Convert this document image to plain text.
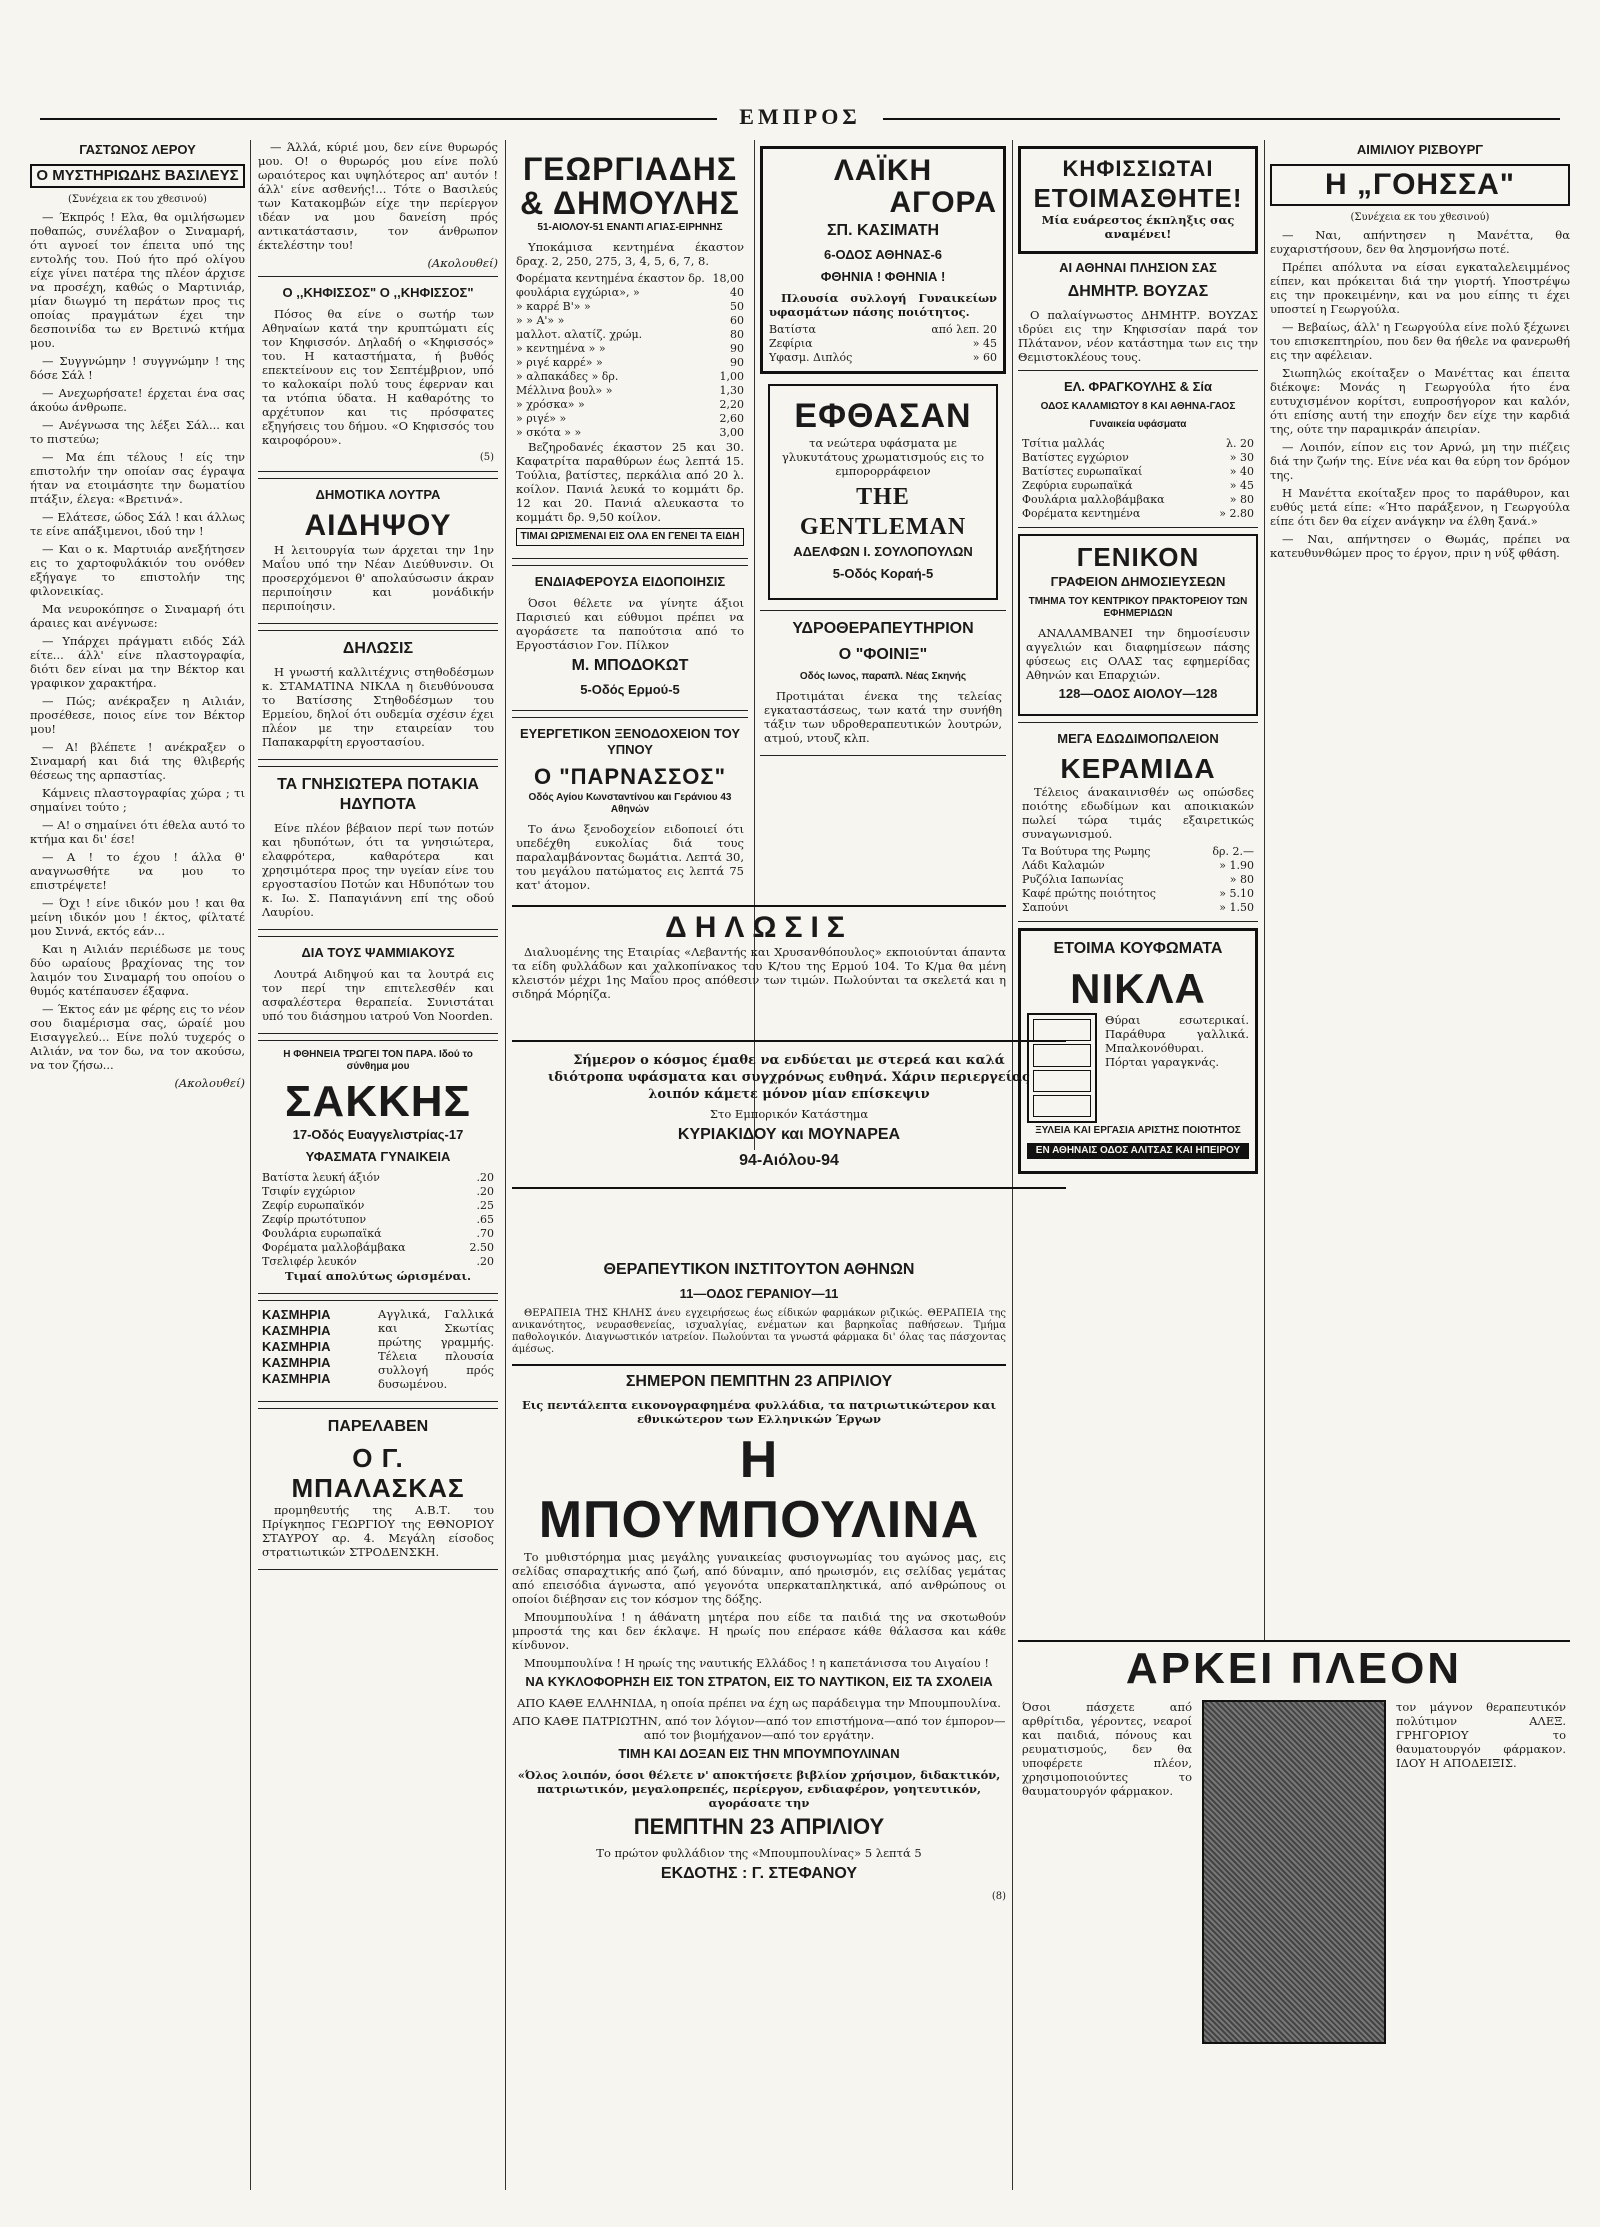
ΕΜΠΡΟΣ
ΓΑΣΤΩΝΟΣ ΛΕΡΟΥ
Ο ΜΥΣΤΗΡΙΩΔΗΣ ΒΑΣΙΛΕΥΣ

(Συνέχεια εκ του χθεσινού)

— Έκπρός ! Ελα, θα ομιλήσωμεν ποθαπώς, συνέλαβον ο Σιναμαρή, ότι αγνοεί τον έπειτα υπό της εντολής του. Πού ήτο πρό ολίγου είχε γίνει πατέρα της πλέον άρχισε να προσέχη, καθώς ο Μαρτινιάρ, μίαν διωγμό τη περάτων προς τις οποίας πραγμάτων έχει την δεσποινίδα τω εν Βρετινώ κτήμα μου.

— Συγγνώμην ! συγγνώμην ! της δόσε Σάλ !

— Ανεχωρήσατε! έρχεται ένα σας άκούω άνθρωπε.

— Ανέγνωσα της λέξει Σάλ... και το πιστεύω;

— Μα έπι τέλους ! είς την επιστολήν την οποίαν σας έγραψα ήταν να ετοιμάσητε την δωματίου πτάξιν, έλεγα: «Βρετινά».

— Ελάτεσε, ώδος Σάλ ! και άλλως τε είνε απάξιμενοι, ιδού την !

— Και ο κ. Μαρτυιάρ ανεξήτησεν εις το χαρτοφυλάκιόν του ονόθεν εξήγαγε το επιστολήν της φιλονεικίας.

Μα νευροκόπησε ο Σιναμαρή ότι άραιες και ανέγνωσε:

— Υπάρχει πράγματι ειδός Σάλ είτε... άλλ' είνε πλαστογραφία, διότι δεν είναι μα την Βέκτορ και γραφικον χαρακτήρα.

— Πώς; ανέκραξεν η Αιλιάν, προσέθεσε, ποιος είνε τον Βέκτορ μου!

— Α! βλέπετε ! ανέκραξεν ο Σιναμαρή και διά της θλιβερής θέσεως της αρπαστίας.

Κάμνεις πλαστογραφίας χώρα ; τι σημαίνει τούτο ;

— Α! ο σημαίνει ότι έθελα αυτό το κτήμα και δι' έσε!

— Α ! το έχου ! άλλα θ' αναγνωσθήτε να μου το επιστρέψετε!

— Όχι ! είνε ιδικόν μου ! και θα μείνη ιδικόν μου ! έκτος, φίλτατέ μου Σιννά, εκτός εάν...

Και η Αιλιάν περιέδωσε με τους δύο ωραίους βραχίονας της τον λαιμόν του Σιναμαρή του οποίου ο θυμός κατέπαυσεν έξαφνα.

— Έκτος εάν με φέρης εις το νέον σου διαμέρισμα σας, ώραίέ μου Εισαγγελεύ... Είνε πολύ τυχερός ο Αιλιάν, να τον δω, να τον ακούσω, να τον ζήσω...

(Ακολουθεί)

— Άλλά, κύριέ μου, δεν είνε θυρωρός μου. Ο! ο θυρωρός μου είνε πολύ ωραιότερος και υψηλότερος απ' αυτόν ! άλλ' είνε ασθενής!... Τότε ο Βασιλεύς των Κατακομβών είχε την περίεργον ιδέαν να μου δανείση πρός αντικατάστασιν, τον άνθρωπον έκτελέστην του!

(Ακολουθεί)

Ο ,,ΚΗΦΙΣΣΟΣ" Ο ,,ΚΗΦΙΣΣΟΣ"

Πόσος θα είνε ο σωτήρ των Αθηναίων κατά την κρυπτώματι είς τον Κηφισσόν. Δηλαδή ο «Κηφισσός» του. Η καταστήματα, ή βυθός επεκτείνουν εις τον Σεπτέμβριον, υπό το καλοκαίρι πολύ τους έφερναν και τα ντόπια ύδατα. Η καθαρότης το αρχέτυπον και τις πρόσφατες εξηγήσεις του δήμου. «Ο Κηφισσός του καιροφόρου».

(5)
ΔΗΜΟΤΙΚΑ ΛΟΥΤΡΑ
ΑΙΔΗΨΟΥ

Η λειτουργία των άρχεται την 1ην Μαΐου υπό την Νέαν Διεύθυνσιν. Οι προσερχόμενοι θ' απολαύσωσιν άκραν περιποίησιν και μονάδικήν περιποίησιν.

ΔΗΛΩΣΙΣ

Η γνωστή καλλιτέχνις στηθοδέσμων κ. ΣΤΑΜΑΤΙΝΑ ΝΙΚΛΑ η διευθύνουσα το Βατίσσης Στηθοδέσμων του Ερμείου, δηλοί ότι ουδεμία σχέσιν έχει πλέον με την εταιρείαν του Παπακαρφίτη εργοστασίου.

ΤΑ ΓΝΗΣΙΩΤΕΡΑ ΠΟΤΑΚΙΑ ΗΔΥΠΟΤΑ

Είνε πλέον βέβαιον περί των ποτών και ηδυπότων, ότι τα γνησιώτερα, ελαφρότερα, καθαρότερα και χρησιμότερα προς την υγείαν είνε του εργοστασίου Ποτών και Ηδυπότων του κ. Ιω. Σ. Παπαγιάννη επί της οδού Λαυρίου.

ΔΙΑ ΤΟΥΣ ΨΑΜΜΙΑΚΟΥΣ

Λουτρά Αιδηψού και τα λουτρά εις τον περί την επιτελεσθέν και ασφαλέστερα θεραπεία. Συνιστάται υπό του διάσημου ιατρού Von Noorden.

Η ΦΘΗΝΕΙΑ ΤΡΩΓΕΙ ΤΟΝ ΠΑΡΑ. Ιδού το σύνθημα μου
ΣΑΚΚΗΣ
17-Οδός Ευαγγελιστρίας-17
ΥΦΑΣΜΑΤΑ ΓΥΝΑΙΚΕΙΑ
Βατίστα λευκή άξιόν	.20
Τσιφίν εγχώριον	.20
Ζεφίρ ευρωπαϊκόν	.25
Ζεφίρ πρωτότυπον	.65
Φουλάρια ευρωπαϊκά	.70
Φορέματα μαλλοβάμβακα	2.50
Τσελιφέρ λευκόν	.20

Τιμαί απολύτως ώρισμέναι.

ΚΑΣΜΗΡΙΑ
ΚΑΣΜΗΡΙΑ
ΚΑΣΜΗΡΙΑ
ΚΑΣΜΗΡΙΑ
ΚΑΣΜΗΡΙΑ

Αγγλικά, Γαλλικά και Σκωτίας πρώτης γραμμής. Τέλεια πλουσία συλλογή πρός δυσωμένου.

ΠΑΡΕΛΑΒΕΝ
Ο Γ. ΜΠΑΛΑΣΚΑΣ

προμηθευτής της Α.Β.Τ. του Πρίγκηπος ΓΕΩΡΓΙΟΥ της ΕΘΝΟΡΙΟΥ ΣΤΑΥΡΟΥ αρ. 4. Μεγάλη είσοδος στρατιωτικών ΣΤΡΟΔΕΝΣΚΗ.

ΓΕΩΡΓΙΑΔΗΣ
& ΔΗΜΟΥΛΗΣ
51-ΑΙΟΛΟΥ-51 ΕΝΑΝΤΙ ΑΓΙΑΣ-ΕΙΡΗΝΗΣ

Υποκάμισα κεντημένα έκαστον δραχ. 2, 250, 275, 3, 4, 5, 6, 7, 8.

Φορέματα κεντημένα έκαστον δρ. 18,00
φουλάρια εγχώρια», »	40
» καρρέ Β'» »	50
» » Α'» »	60
μαλλοτ. αλατίζ. χρώμ.	80
» κεντημένα » »	90
» ριγέ καρρέ» »	90
» αλπακάδες » δρ.	1,00
Μέλλινα βουλ» »	1,30
» χρόσκα» »	2,20
» ριγέ» »	2,60
» σκότα » »	3,00

Βεζηροδανές έκαστον 25 και 30. Καφατρίτα παραθύρων έως λεπτά 15. Τούλια, βατίστες, περκάλια από 20 λ. κοίλον. Πανιά λευκά το κομμάτι δρ. 12 και 20. Πανιά αλευκαστα το κομμάτι δρ. 9,50 κοίλον.

ΤΙΜΑΙ ΩΡΙΣΜΕΝΑΙ ΕΙΣ ΟΛΑ ΕΝ ΓΕΝΕΙ ΤΑ ΕΙΔΗ
ΕΝΔΙΑΦΕΡΟΥΣΑ ΕΙΔΟΠΟΙΗΣΙΣ

Όσοι θέλετε να γίνητε άξιοι Παρισιεύ και εύθυμοι πρέπει να αγοράσετε τα παπούτσια από το Εργοστάσιον Γον. Πίλκον

Μ. ΜΠΟΔΟΚΩΤ
5-Οδός Ερμού-5
ΕΥΕΡΓΕΤΙΚΟΝ ΞΕΝΟΔΟΧΕΙΟΝ ΤΟΥ ΥΠΝΟΥ
Ο "ΠΑΡΝΑΣΣΟΣ"
Οδός Αγίου Κωνσταντίνου και Γεράνιου 43 Αθηνών

Το άνω ξενοδοχείον ειδοποιεί ότι υπεδέχθη ευκολίας διά τους παραλαμβάνοντας δωμάτια. Λεπτά 30, του μεγάλου πατώματος εις λεπτά 75 κατ' άτομον.

ΛΑΪΚΗ
ΑΓΟΡΑ
ΣΠ. ΚΑΣΙΜΑΤΗ
6-ΟΔΟΣ ΑΘΗΝΑΣ-6
ΦΘΗΝΙΑ ! ΦΘΗΝΙΑ !

Πλουσία συλλογή Γυναικείων υφασμάτων πάσης ποιότητος.

Βατίστα	από λεπ. 20
Ζεφίρια	» 45
Υφασμ. Διπλός	» 60
ΕΦΘΑΣΑΝ

τα νεώτερα υφάσματα με γλυκυτάτους χρωματισμούς εις το εμπορορράφειον

THE GENTLEMAN
ΑΔΕΛΦΩΝ Ι. ΣΟΥΛΟΠΟΥΛΩΝ
5-Οδός Κοραή-5
ΥΔΡΟΘΕΡΑΠΕΥΤΗΡΙΟΝ
Ο "ΦΟΙΝΙΞ"
Οδός Ιωνος, παραπλ. Νέας Σκηνής

Προτιμάται ένεκα της τελείας εγκαταστάσεως, των κατά την συνήθη τάξιν των υδροθεραπευτικών λουτρών, ατμού, ντουζ κλπ.

ΔΗΛΩΣΙΣ

Διαλυομένης της Εταιρίας «Λεβαντής και Χρυσανθόπουλος» εκποιούνται άπαντα τα είδη φυλλάδων και χαλκοπίνακος του Κ/του της Ερμού 104. Το Κ/μα θα μένη κλειστόν μέχρι 1ης Μαΐου προς απόθεσιν των τιμών. Πωλούνται τα σκελετά και η σιδηρά Μόρηίζα.

Σήμερον ο κόσμος έμαθε να ενδύεται με στερεά και καλά ιδιότροπα υφάσματα και συγχρόνως ευθηνά. Χάριν περιεργείας λοιπόν κάμετε μόνον μίαν επίσκεψιν

Στο Εμπορικόν Κατάστημα

ΚΥΡΙΑΚΙΔΟΥ και ΜΟΥΝΑΡΕΑ
94-Αιόλου-94
ΘΕΡΑΠΕΥΤΙΚΟΝ ΙΝΣΤΙΤΟΥΤΟΝ ΑΘΗΝΩΝ
11—ΟΔΟΣ ΓΕΡΑΝΙΟΥ—11

ΘΕΡΑΠΕΙΑ ΤΗΣ ΚΗΛΗΣ άνευ εγχειρήσεως έως είδικών φαρμάκων ριζικώς. ΘΕΡΑΠΕΙΑ της ανικανότητος, νευρασθενείας, ισχυαλγίας, ενέματων και βαρηκοΐας παθήσεων. Τμήμα παθολογικόν. Διαγνωστικόν ιατρείον. Πωλούνται τα γνωστά φάρμακα δι' όλας τας πάσχοντας άμέσως.

ΣΗΜΕΡΟΝ ΠΕΜΠΤΗΝ 23 ΑΠΡΙΛΙΟΥ

Εις πεντάλεπτα εικονογραφημένα φυλλάδια, τα πατριωτικώτερον και εθνικώτερον των Ελληνικών Έργων

Η ΜΠΟΥΜΠΟΥΛΙΝΑ

Το μυθιστόρημα μιας μεγάλης γυναικείας φυσιογνωμίας του αγώνος μας, εις σελίδας σπαραχτικής από ζωή, από δύναμιν, από ηρωισμόν, εις σελίδας γεμάτας από επεισόδια άγνωστα, από γεγονότα υπερκαταπληκτικά, από ανθρώπους οι οποίοι διέβησαν εις τον κόσμον της δόξης.

Μπουμπουλίνα ! η άθάνατη μητέρα που είδε τα παιδιά της να σκοτωθούν μπροστά της και δεν έκλαψε. Η ηρωίς που επέρασε κάθε θάλασσα και κάθε κίνδυνον.

Μπουμπουλίνα ! Η ηρωίς της ναυτικής Ελλάδος ! η καπετάνισσα του Αιγαίου !

ΝΑ ΚΥΚΛΟΦΟΡΗΣΗ ΕΙΣ ΤΟΝ ΣΤΡΑΤΟΝ, ΕΙΣ ΤΟ ΝΑΥΤΙΚΟΝ, ΕΙΣ ΤΑ ΣΧΟΛΕΙΑ

ΑΠΟ ΚΑΘΕ ΕΛΛΗΝΙΔΑ, η οποία πρέπει να έχη ως παράδειγμα την Μπουμπουλίνα.

ΑΠΟ ΚΑΘΕ ΠΑΤΡΙΩΤΗΝ, από τον λόγιον—από τον επιστήμονα—από τον έμπορον—από τον βιομήχανον—από τον εργάτην.

ΤΙΜΗ ΚΑΙ ΔΟΞΑΝ ΕΙΣ ΤΗΝ ΜΠΟΥΜΠΟΥΛΙΝΑΝ

«Όλος λοιπόν, όσοι θέλετε ν' αποκτήσετε βιβλίον χρήσιμον, διδακτικόν, πατριωτικόν, μεγαλοπρεπές, περίεργον, ενδιαφέρον, γοητευτικόν, αγοράσατε την

ΠΕΜΠΤΗΝ 23 ΑΠΡΙΛΙΟΥ

Το πρώτον φυλλάδιον της «Μπουμπουλίνας» 5 λεπτά 5

ΕΚΔΟΤΗΣ : Γ. ΣΤΕΦΑΝΟΥ
(8)
ΚΗΦΙΣΣΙΩΤΑΙ
ΕΤΟΙΜΑΣΘΗΤΕ!

Μία ευάρεστος έκπληξις σας αναμένει!

ΑΙ ΑΘΗΝΑΙ ΠΛΗΣΙΟΝ ΣΑΣ
ΔΗΜΗΤΡ. ΒΟΥΖΑΣ

Ο παλαίγνωστος ΔΗΜΗΤΡ. ΒΟΥΖΑΣ ιδρύει εις την Κηφισσίαν παρά τον Πλάτανον, νέον κατάστημα των εις την Θεμιστοκλέους τους.

ΕΛ. ΦΡΑΓΚΟΥΛΗΣ & Σία
ΟΔΟΣ ΚΑΛΑΜΙΩΤΟΥ 8 ΚΑΙ ΑΘΗΝΑ-ΓΑΟΣ
Γυναικεία υφάσματα
Τσίτια μαλλάς	λ. 20
Βατίστες εγχώριον	» 30
Βατίστες ευρωπαϊκαί	» 40
Ζεφύρια ευρωπαϊκά	» 45
Φουλάρια μαλλοβάμβακα	» 80
Φορέματα κεντημένα	» 2.80
ΓΕΝΙΚΟΝ
ΓΡΑΦΕΙΟΝ ΔΗΜΟΣΙΕΥΣΕΩΝ
ΤΜΗΜΑ ΤΟΥ ΚΕΝΤΡΙΚΟΥ ΠΡΑΚΤΟΡΕΙΟΥ ΤΩΝ ΕΦΗΜΕΡΙΔΩΝ

ΑΝΑΛΑΜΒΑΝΕΙ την δημοσίευσιν αγγελιών και διαφημίσεων πάσης φύσεως εις ΟΛΑΣ τας εφημερίδας Αθηνών και Επαρχιών.

128—ΟΔΟΣ ΑΙΟΛΟΥ—128
ΜΕΓΑ ΕΔΩΔΙΜΟΠΩΛΕΙΟΝ
ΚΕΡΑΜΙΔΑ

Τέλειος άνακαινισθέν ως οπώσδες ποιότης εδωδίμων και αποικιακών πωλεί τώρα τιμάς εξαιρετικώς συναγωνισμού.

Τα Βούτυρα της Ρωμης	δρ. 2.—
Λάδι Καλαμών	» 1.90
Ρυζόλια Ιαπωνίας	» 80
Καφέ πρώτης ποιότητος	» 5.10
Σαπούνι	» 1.50
ΕΤΟΙΜΑ ΚΟΥΦΩΜΑΤΑ
ΝΙΚΛΑ

Θύραι εσωτερικαί. Παράθυρα γαλλικά. Μπαλκονόθυραι. Πόρται γαραγκνάς.

ΞΥΛΕΙΑ ΚΑΙ ΕΡΓΑΣΙΑ ΑΡΙΣΤΗΣ ΠΟΙΟΤΗΤΟΣ
ΕΝ ΑΘΗΝΑΙΣ ΟΔΟΣ ΑΛΙΤΣΑΣ ΚΑΙ ΗΠΕΙΡΟΥ
ΑΙΜΙΛΙΟΥ ΡΙΣΒΟΥΡΓ
Η „ΓΟΗΣΣΑ"

(Συνέχεια εκ του χθεσινού)

— Ναι, απήντησεν η Μανέττα, θα ευχαριστήσουν, δεν θα λησμονήσω ποτέ.

Πρέπει απόλυτα να είσαι εγκαταλελειμμένος είπεν, και πρόκειται διά την γιορτή. Υποστρέψω εις την προκειμένην, και να μου είπης τι έχει υποστεί η Γεωργούλα.

— Βεβαίως, άλλ' η Γεωργούλα είνε πολύ ξέχωνει του επισκεπτηρίου, που δεν θα ήθελε να φανερωθή εις την αφέλειαν.

Σιωπηλώς εκοίταξεν ο Μανέττας και έπειτα διέκοψε: Μονάς η Γεωργούλα ήτο ένα ευτυχισμένον κορίτσι, ευπροσήγορον και καλόν, ότι επίσης αυτή την εποχήν δεν είχε την καρδιά της, ούτε την παραμικράν άπειρίαν.

— Λοιπόν, είπον εις τον Αρνώ, μη την πιέζεις διά την ζωήν της. Είνε νέα και θα εύρη τον δρόμον της.

Η Μανέττα εκοίταξεν προς το παράθυρον, και ευθύς μετά είπε: «Ήτο παράξενον, η Γεωργούλα είπε ότι δεν θα είχεν ανάγκην να έλθη ξανά.»

— Ναι, απήντησεν ο Θωμάς, πρέπει να κατευθυνθώμεν προς το έργον, πριν η νύξ φθάση.

ΑΡΚΕΙ ΠΛΕΟΝ

Όσοι πάσχετε από αρθρίτιδα, γέροντες, νεαροί και παιδιά, πόνους και ρευματισμούς, δεν θα υποφέρετε πλέον, χρησιμοποιούντες το θαυματουργόν φάρμακον.

τον μάγνον θεραπευτικόν πολύτιμον ΑΛΕΞ. ΓΡΗΓΟΡΙΟΥ το θαυματουργόν φάρμακον. ΙΔΟΥ Η ΑΠΟΔΕΙΞΙΣ.
